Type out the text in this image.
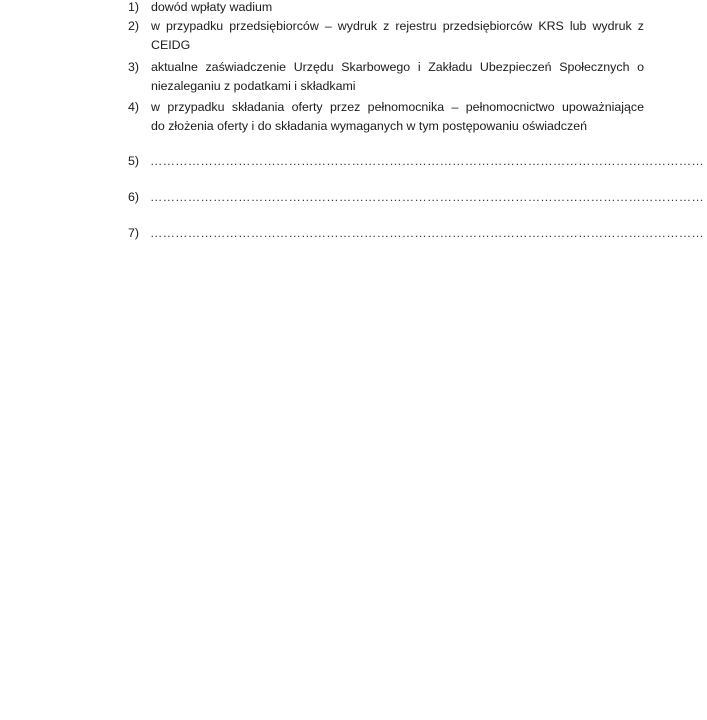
1) dowód wpłaty wadium
2) w przypadku przedsiębiorców – wydruk z rejestru przedsiębiorców KRS lub wydruk z
CEIDG
3) aktualne zaświadczenie Urzędu Skarbowego i Zakładu Ubezpieczeń Społecznych o
niezaleganiu z podatkami i składkami
4) w przypadku składania oferty przez pełnomocnika – pełnomocnictwo upoważniające
do złożenia oferty i do składania wymaganych w tym postępowaniu oświadczeń
5) ……………………………………………………………………………………………………………………
6) ……………………………………………………………………………………………………………………
7) ……………………………………………………………………………………………………………………
